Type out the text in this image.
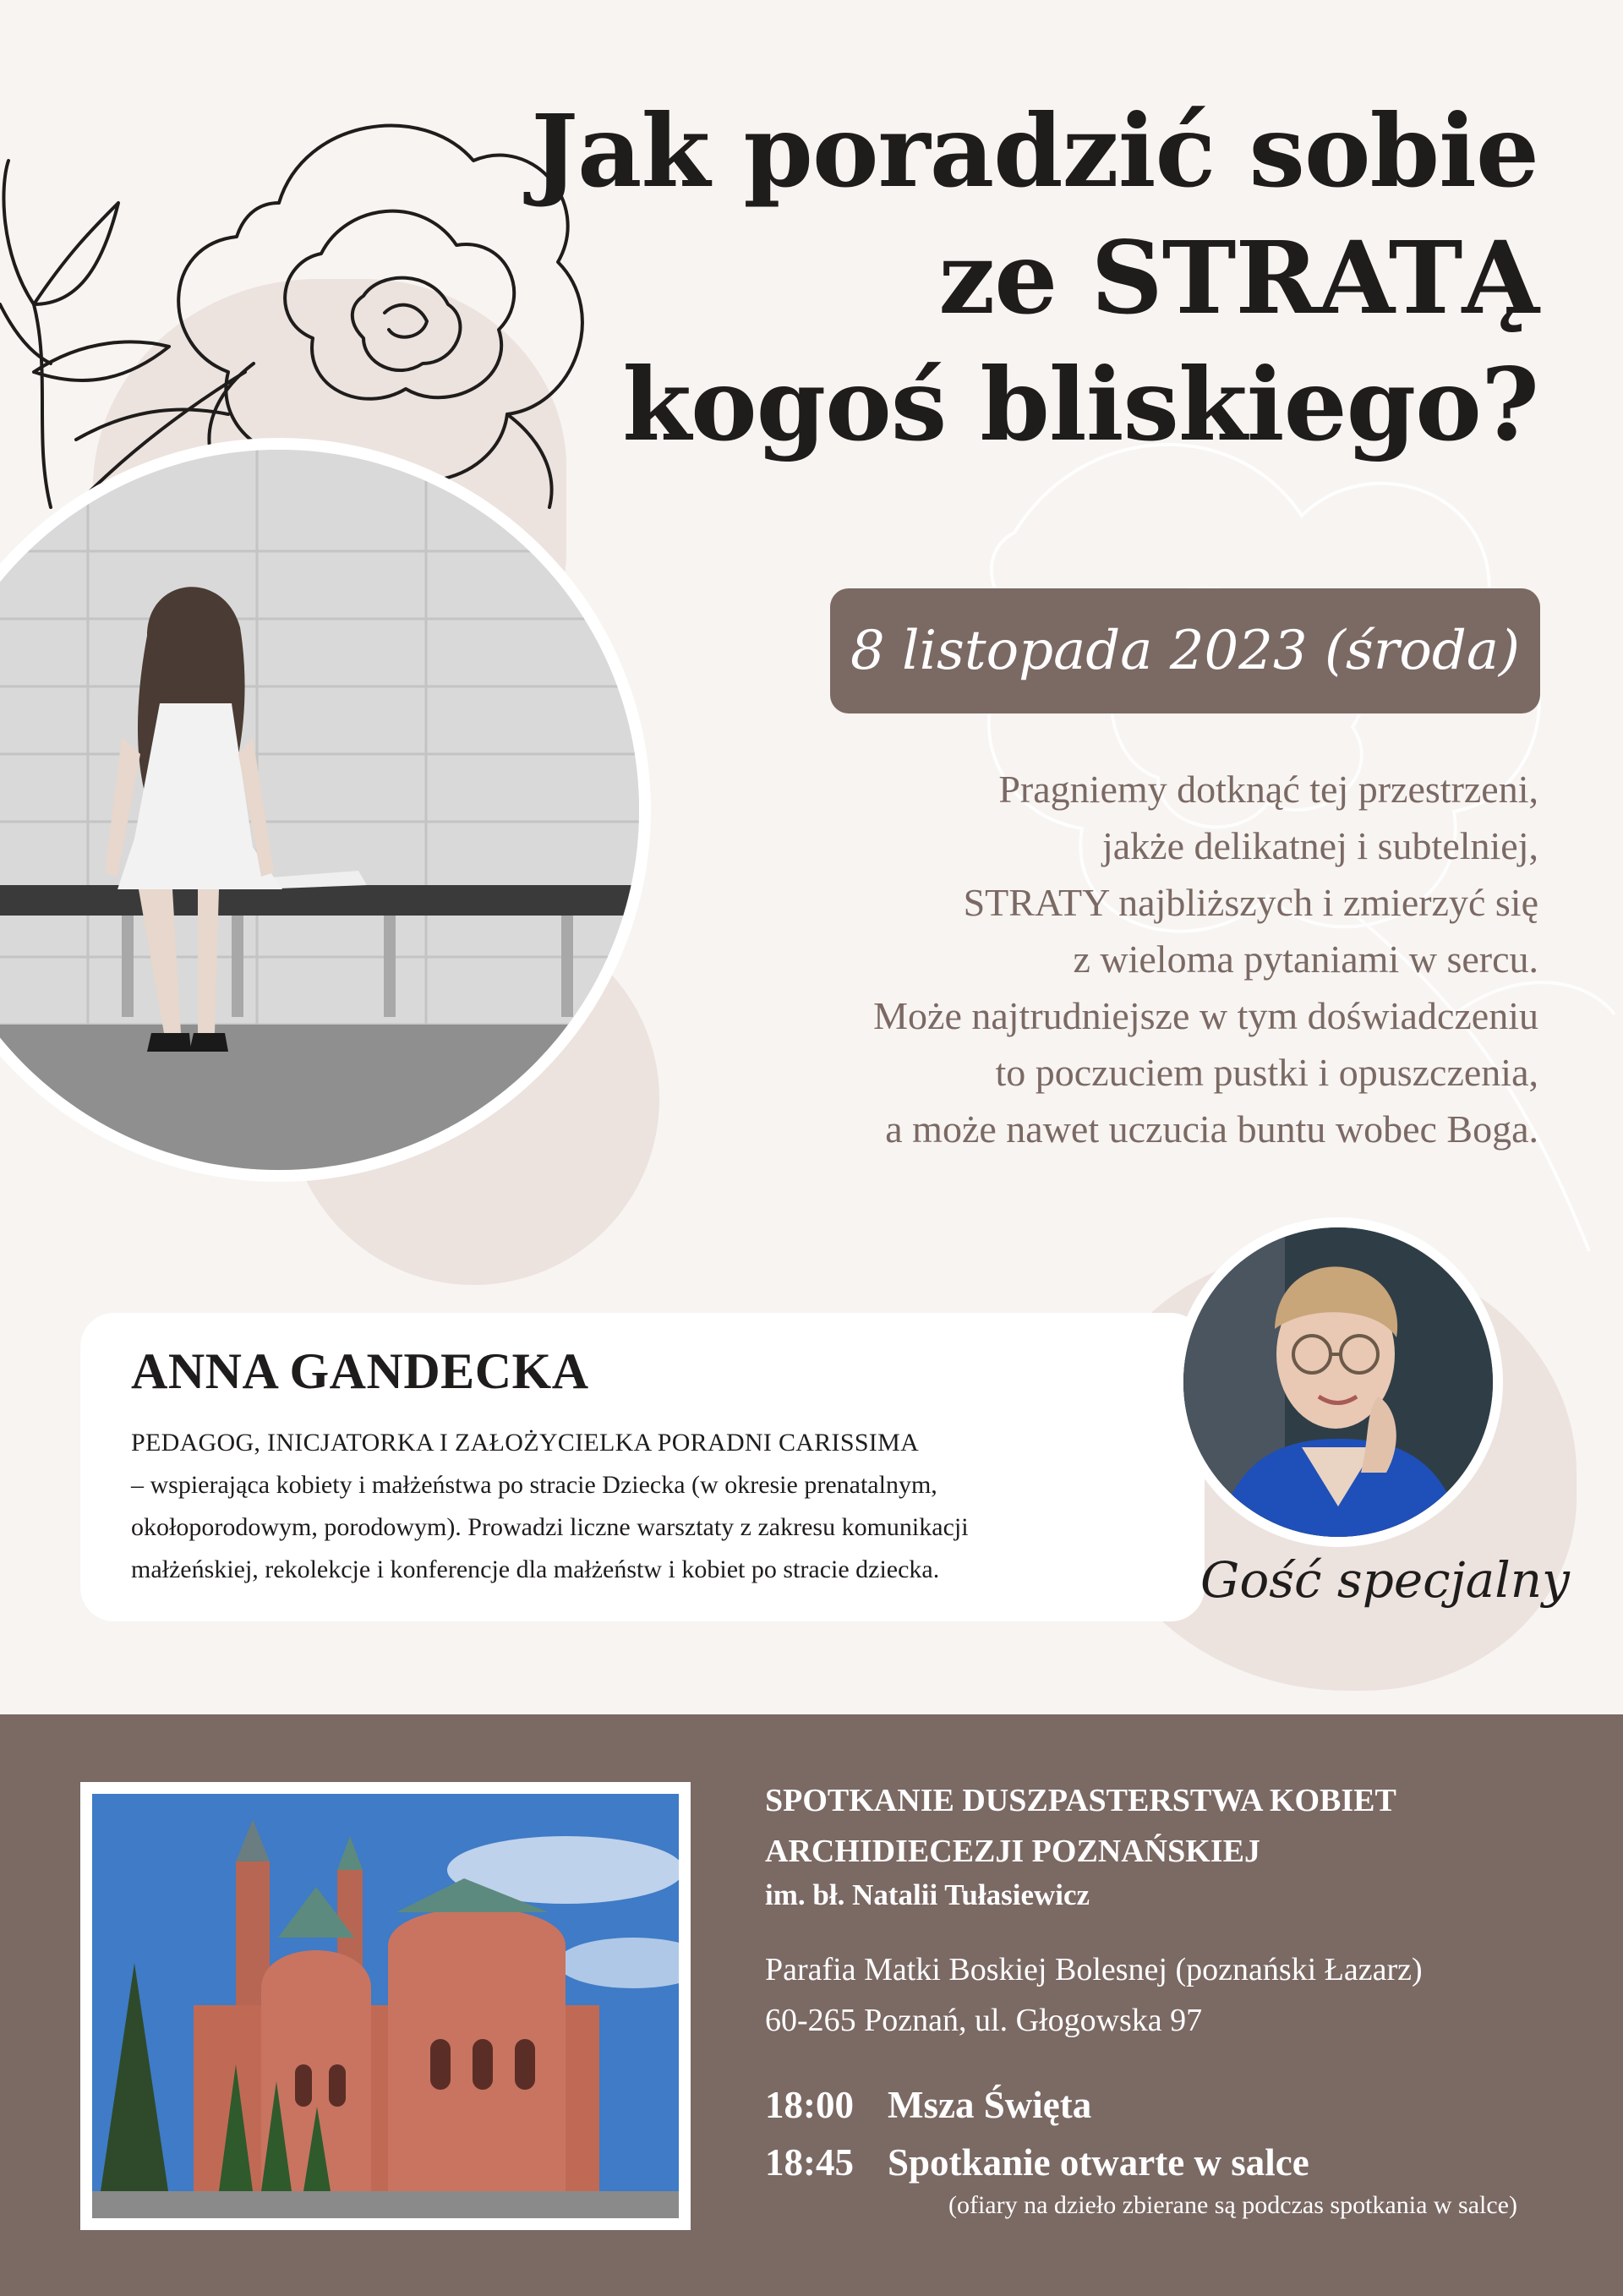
Jak poradzić sobie
ze STRATĄ
kogoś bliskiego?
8 listopada 2023 (środa)
Pragniemy dotknąć tej przestrzeni,
jakże delikatnej i subtelniej,
STRATY najbliższych i zmierzyć się
z wieloma pytaniami w sercu.
Może najtrudniejsze w tym doświadczeniu
to poczuciem pustki i opuszczenia,
a może nawet uczucia buntu wobec Boga.
ANNA GANDECKA
PEDAGOG, INICJATORKA I ZAŁOŻYCIELKA PORADNI CARISSIMA
– wspierająca kobiety i małżeństwa po stracie Dziecka (w okresie prenatalnym,
okołoporodowym, porodowym). Prowadzi liczne warsztaty z zakresu komunikacji
małżeńskiej, rekolekcje i konferencje dla małżeństw i kobiet po stracie dziecka.	Gość specjalny
SPOTKANIE DUSZPASTERSTWA KOBIET
ARCHIDIECEZJI POZNAŃSKIEJ
im. bł. Natalii Tułasiewicz
Parafia Matki Boskiej Bolesnej (poznański Łazarz)
60-265 Poznań, ul. Głogowska 97
18:00 Msza Święta
18:45 Spotkanie otwarte w salce
(ofiary na dzieło zbierane są podczas spotkania w salce)
